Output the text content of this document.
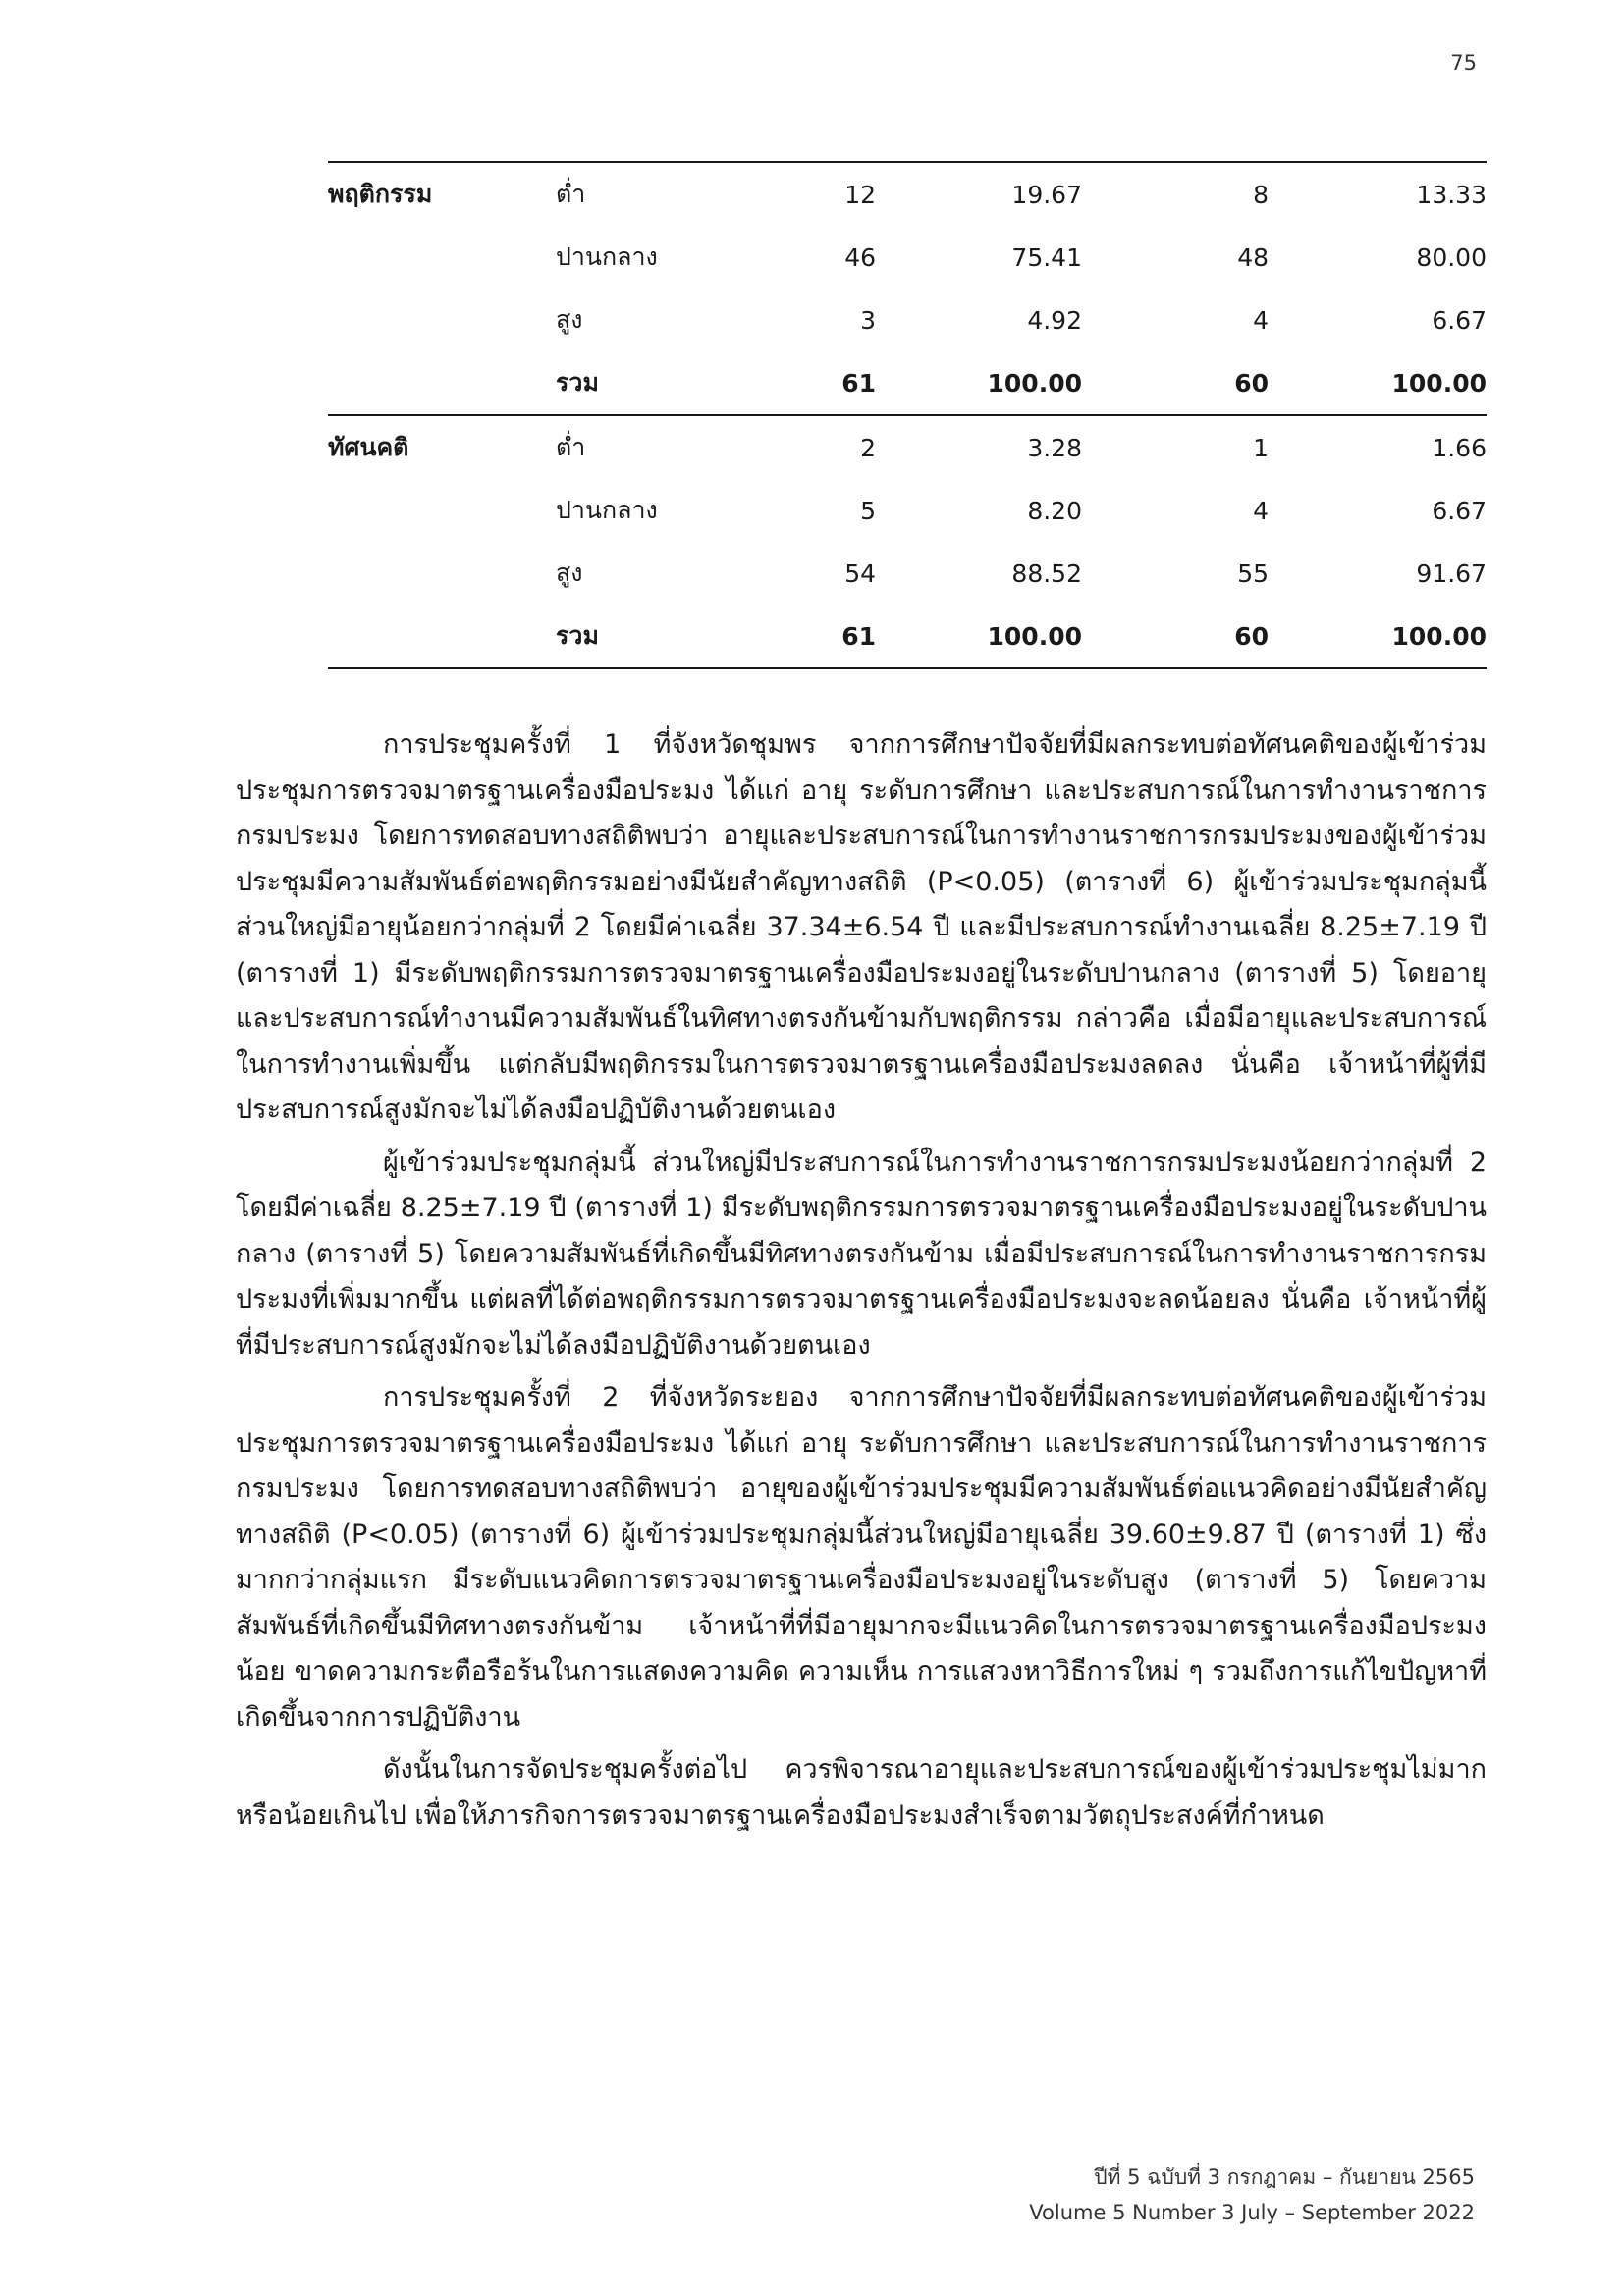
75
พฤติกรรม	ต่ำ	12	19.67	8	13.33
	ปานกลาง	46	75.41	48	80.00
	สูง	3	4.92	4	6.67
	รวม	61	100.00	60	100.00
ทัศนคติ	ต่ำ	2	3.28	1	1.66
	ปานกลาง	5	8.20	4	6.67
	สูง	54	88.52	55	91.67
	รวม	61	100.00	60	100.00

การประชุมครั้งที่ 1 ที่จังหวัดชุมพร จากการศึกษาปัจจัยที่มีผลกระทบต่อทัศนคติของผู้เข้าร่วมประชุมการตรวจมาตรฐานเครื่องมือประมง ได้แก่ อายุ ระดับการศึกษา และประสบการณ์ในการทำงานราชการกรมประมง โดยการทดสอบทางสถิติพบว่า อายุและประสบการณ์ในการทำงานราชการกรมประมงของผู้เข้าร่วมประชุมมีความสัมพันธ์ต่อพฤติกรรมอย่างมีนัยสำคัญทางสถิติ (P<0.05) (ตารางที่ 6) ผู้เข้าร่วมประชุมกลุ่มนี้ ส่วนใหญ่มีอายุน้อยกว่ากลุ่มที่ 2 โดยมีค่าเฉลี่ย 37.34±6.54 ปี และมีประสบการณ์ทำงานเฉลี่ย 8.25±7.19 ปี (ตารางที่ 1) มีระดับพฤติกรรมการตรวจมาตรฐานเครื่องมือประมงอยู่ในระดับปานกลาง (ตารางที่ 5) โดยอายุและประสบการณ์ทำงานมีความสัมพันธ์ในทิศทางตรงกันข้ามกับพฤติกรรม กล่าวคือ เมื่อมีอายุและประสบการณ์ในการทำงานเพิ่มขึ้น แต่กลับมีพฤติกรรมในการตรวจมาตรฐานเครื่องมือประมงลดลง นั่นคือ เจ้าหน้าที่ผู้ที่มีประสบการณ์สูงมักจะไม่ได้ลงมือปฏิบัติงานด้วยตนเอง

ผู้เข้าร่วมประชุมกลุ่มนี้ ส่วนใหญ่มีประสบการณ์ในการทำงานราชการกรมประมงน้อยกว่ากลุ่มที่ 2 โดยมีค่าเฉลี่ย 8.25±7.19 ปี (ตารางที่ 1) มีระดับพฤติกรรมการตรวจมาตรฐานเครื่องมือประมงอยู่ในระดับปานกลาง (ตารางที่ 5) โดยความสัมพันธ์ที่เกิดขึ้นมีทิศทางตรงกันข้าม เมื่อมีประสบการณ์ในการทำงานราชการกรมประมงที่เพิ่มมากขึ้น แต่ผลที่ได้ต่อพฤติกรรมการตรวจมาตรฐานเครื่องมือประมงจะลดน้อยลง นั่นคือ เจ้าหน้าที่ผู้ที่มีประสบการณ์สูงมักจะไม่ได้ลงมือปฏิบัติงานด้วยตนเอง

การประชุมครั้งที่ 2 ที่จังหวัดระยอง จากการศึกษาปัจจัยที่มีผลกระทบต่อทัศนคติของผู้เข้าร่วมประชุมการตรวจมาตรฐานเครื่องมือประมง ได้แก่ อายุ ระดับการศึกษา และประสบการณ์ในการทำงานราชการกรมประมง โดยการทดสอบทางสถิติพบว่า อายุของผู้เข้าร่วมประชุมมีความสัมพันธ์ต่อแนวคิดอย่างมีนัยสำคัญทางสถิติ (P<0.05) (ตารางที่ 6) ผู้เข้าร่วมประชุมกลุ่มนี้ส่วนใหญ่มีอายุเฉลี่ย 39.60±9.87 ปี (ตารางที่ 1) ซึ่งมากกว่ากลุ่มแรก มีระดับแนวคิดการตรวจมาตรฐานเครื่องมือประมงอยู่ในระดับสูง (ตารางที่ 5) โดยความสัมพันธ์ที่เกิดขึ้นมีทิศทางตรงกันข้าม เจ้าหน้าที่ที่มีอายุมากจะมีแนวคิดในการตรวจมาตรฐานเครื่องมือประมงน้อย ขาดความกระตือรือร้นในการแสดงความคิด ความเห็น การแสวงหาวิธีการใหม่ ๆ รวมถึงการแก้ไขปัญหาที่เกิดขึ้นจากการปฏิบัติงาน

ดังนั้นในการจัดประชุมครั้งต่อไป ควรพิจารณาอายุและประสบการณ์ของผู้เข้าร่วมประชุมไม่มากหรือน้อยเกินไป เพื่อให้ภารกิจการตรวจมาตรฐานเครื่องมือประมงสำเร็จตามวัตถุประสงค์ที่กำหนด

ปีที่ 5 ฉบับที่ 3 กรกฎาคม – กันยายน 2565
Volume 5 Number 3 July – September 2022
